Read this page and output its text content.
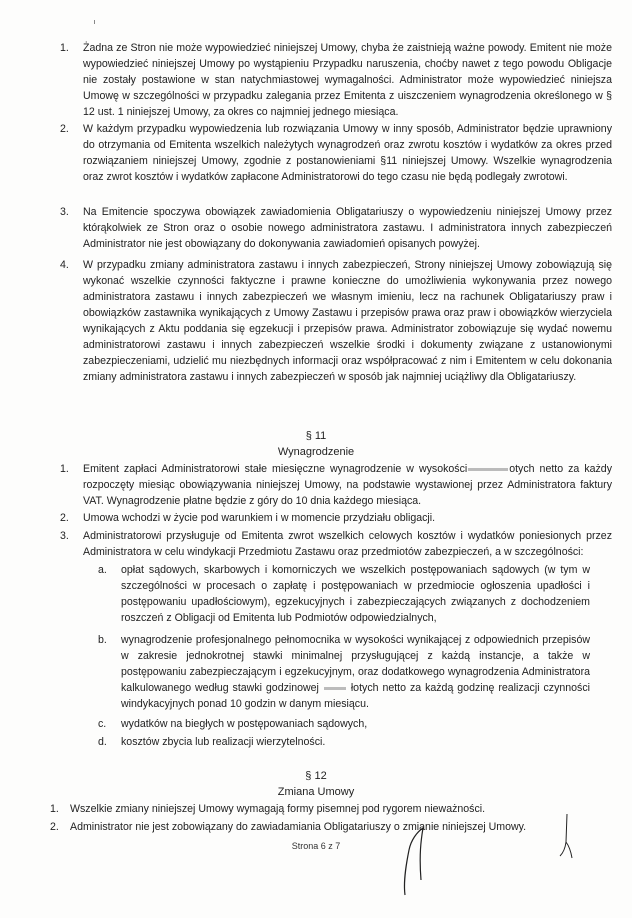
1. Żadna ze Stron nie może wypowiedzieć niniejszej Umowy, chyba że zaistnieją ważne powody. Emitent nie może wypowiedzieć niniejszej Umowy po wystąpieniu Przypadku naruszenia, choćby nawet z tego powodu Obligacje nie zostały postawione w stan natychmiastowej wymagalności. Administrator może wypowiedzieć niniejsza Umowę w szczególności w przypadku zalegania przez Emitenta z uiszczeniem wynagrodzenia określonego w § 12 ust. 1 niniejszej Umowy, za okres co najmniej jednego miesiąca.
2. W każdym przypadku wypowiedzenia lub rozwiązania Umowy w inny sposób, Administrator będzie uprawniony do otrzymania od Emitenta wszelkich należytych wynagrodzeń oraz zwrotu kosztów i wydatków za okres przed rozwiązaniem niniejszej Umowy, zgodnie z postanowieniami §11 niniejszej Umowy. Wszelkie wynagrodzenia oraz zwrot kosztów i wydatków zapłacone Administratorowi do tego czasu nie będą podlegały zwrotowi.
3. Na Emitencie spoczywa obowiązek zawiadomienia Obligatariuszy o wypowiedzeniu niniejszej Umowy przez którąkolwiek ze Stron oraz o osobie nowego administratora zastawu. I administratora innych zabezpieczeń Administrator nie jest obowiązany do dokonywania zawiadomień opisanych powyżej.
4. W przypadku zmiany administratora zastawu i innych zabezpieczeń, Strony niniejszej Umowy zobowiązują się wykonać wszelkie czynności faktyczne i prawne konieczne do umożliwienia wykonywania przez nowego administratora zastawu i innych zabezpieczeń we własnym imieniu, lecz na rachunek Obligatariuszy praw i obowiązków zastawnika wynikających z Umowy Zastawu i przepisów prawa oraz praw i obowiązków wierzyciela wynikających z Aktu poddania się egzekucji i przepisów prawa. Administrator zobowiązuje się wydać nowemu administratorowi zastawu i innych zabezpieczeń wszelkie środki i dokumenty związane z ustanowionymi zabezpieczeniami, udzielić mu niezbędnych informacji oraz współpracować z nim i Emitentem w celu dokonania zmiany administratora zastawu i innych zabezpieczeń w sposób jak najmniej uciążliwy dla Obligatariuszy.
§ 11
Wynagrodzenie
1. Emitent zapłaci Administratorowi stałe miesięczne wynagrodzenie w wysokości	otych netto za każdy rozpoczęty miesiąc obowiązywania niniejszej Umowy, na podstawie wystawionej przez Administratora faktury VAT. Wynagrodzenie płatne będzie z góry do 10 dnia każdego miesiąca.
2. Umowa wchodzi w życie pod warunkiem i w momencie przydziału obligacji.
3. Administratorowi przysługuje od Emitenta zwrot wszelkich celowych kosztów i wydatków poniesionych przez Administratora w celu windykacji Przedmiotu Zastawu oraz przedmiotów zabezpieczeń, a w szczególności:
a. opłat sądowych, skarbowych i komorniczych we wszelkich postępowaniach sądowych (w tym w szczególności w procesach o zapłatę i postępowaniach w przedmiocie ogłoszenia upadłości i postępowaniu upadłościowym), egzekucyjnych i zabezpieczających związanych z dochodzeniem roszczeń z Obligacji od Emitenta lub Podmiotów odpowiedzialnych,
b. wynagrodzenie profesjonalnego pełnomocnika w wysokości wynikającej z odpowiednich przepisów w zakresie jednokrotnej stawki minimalnej przysługującej z każdą instancje, a także w postępowaniu zabezpieczającym i egzekucyjnym, oraz dodatkowego wynagrodzenia Administratora kalkulowanego według stawki godzinowej	łotych netto za każdą godzinę realizacji czynności windykacyjnych ponad 10 godzin w danym miesiącu.
c. wydatków na biegłych w postępowaniach sądowych,
d. kosztów zbycia lub realizacji wierzytelności.
§ 12
Zmiana Umowy
1. Wszelkie zmiany niniejszej Umowy wymagają formy pisemnej pod rygorem nieważności.
2. Administrator nie jest zobowiązany do zawiadamiania Obligatariuszy o zmianie niniejszej Umowy.
Strona 6 z 7
